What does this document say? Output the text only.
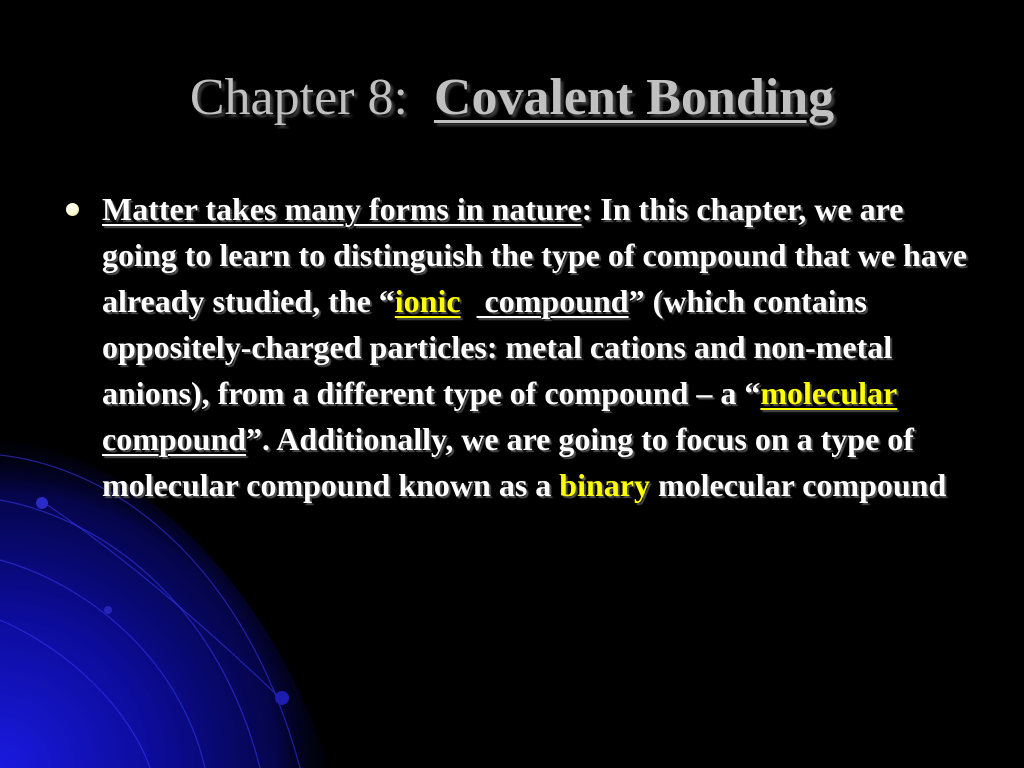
Chapter 8: Covalent Bonding
Matter takes many forms in nature: In this chapter, we are going to learn to distinguish the type of compound that we have already studied, the “ionic   compound” (which contains oppositely-charged particles: metal cations and non-metal anions), from a different type of compound – a “molecular compound”. Additionally, we are going to focus on a type of molecular compound known as a binary molecular compound
